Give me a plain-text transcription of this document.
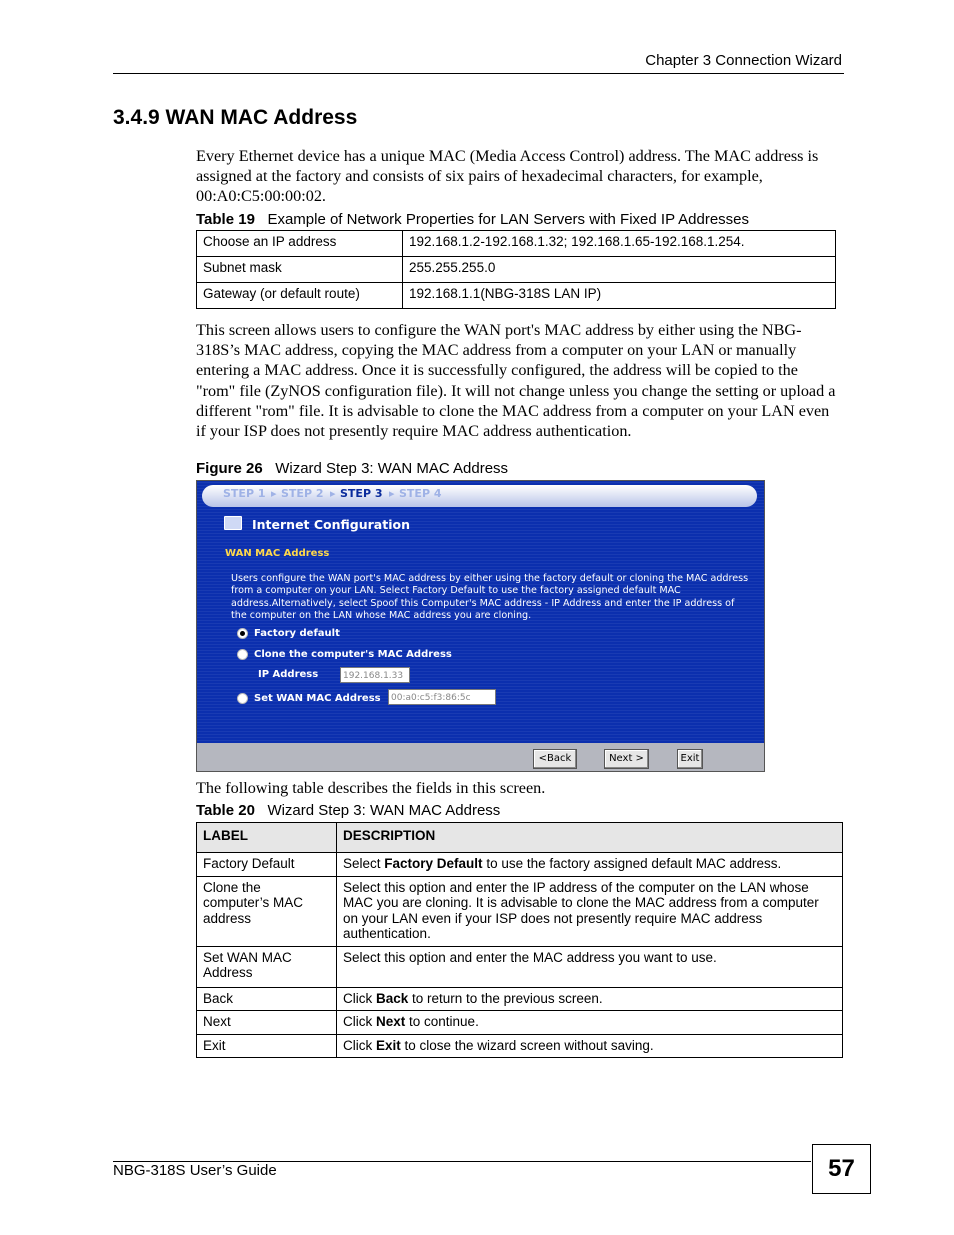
Chapter 3 Connection Wizard
3.4.9 WAN MAC Address
Every Ethernet device has a unique MAC (Media Access Control) address. The MAC address is assigned at the factory and consists of six pairs of hexadecimal characters, for example, 00:A0:C5:00:00:02.
Table 19 Example of Network Properties for LAN Servers with Fixed IP Addresses
Choose an IP address	192.168.1.2-192.168.1.32; 192.168.1.65-192.168.1.254.
Subnet mask	255.255.255.0
Gateway (or default route)	192.168.1.1(NBG-318S LAN IP)
This screen allows users to configure the WAN port's MAC address by either using the NBG-318S’s MAC address, copying the MAC address from a computer on your LAN or manually entering a MAC address. Once it is successfully configured, the address will be copied to the "rom" file (ZyNOS configuration file). It will not change unless you change the setting or upload a different "rom" file. It is advisable to clone the MAC address from a computer on your LAN even if your ISP does not presently require MAC address authentication.
Figure 26 Wizard Step 3: WAN MAC Address
STEP 1 ▸ STEP 2 ▸ STEP 3 ▸ STEP 4
Internet Configuration
WAN MAC Address
Users configure the WAN port's MAC address by either using the factory default or cloning the MAC address from a computer on your LAN. Select Factory Default to use the factory assigned default MAC address.Alternatively, select Spoof this Computer's MAC address - IP Address and enter the IP address of the computer on the LAN whose MAC address you are cloning.
Factory default
Clone the computer's MAC Address
IP Address	192.168.1.33
Set WAN MAC Address	00:a0:c5:f3:86:5c
<Back	Next >	Exit
The following table describes the fields in this screen.
Table 20 Wizard Step 3: WAN MAC Address
LABEL	DESCRIPTION
Factory Default	Select Factory Default to use the factory assigned default MAC address.
Clone the computer’s MAC address	Select this option and enter the IP address of the computer on the LAN whose MAC you are cloning. It is advisable to clone the MAC address from a computer on your LAN even if your ISP does not presently require MAC address authentication.
Set WAN MAC Address	Select this option and enter the MAC address you want to use.
Back	Click Back to return to the previous screen.
Next	Click Next to continue.
Exit	Click Exit to close the wizard screen without saving.
NBG-318S User’s Guide	57
